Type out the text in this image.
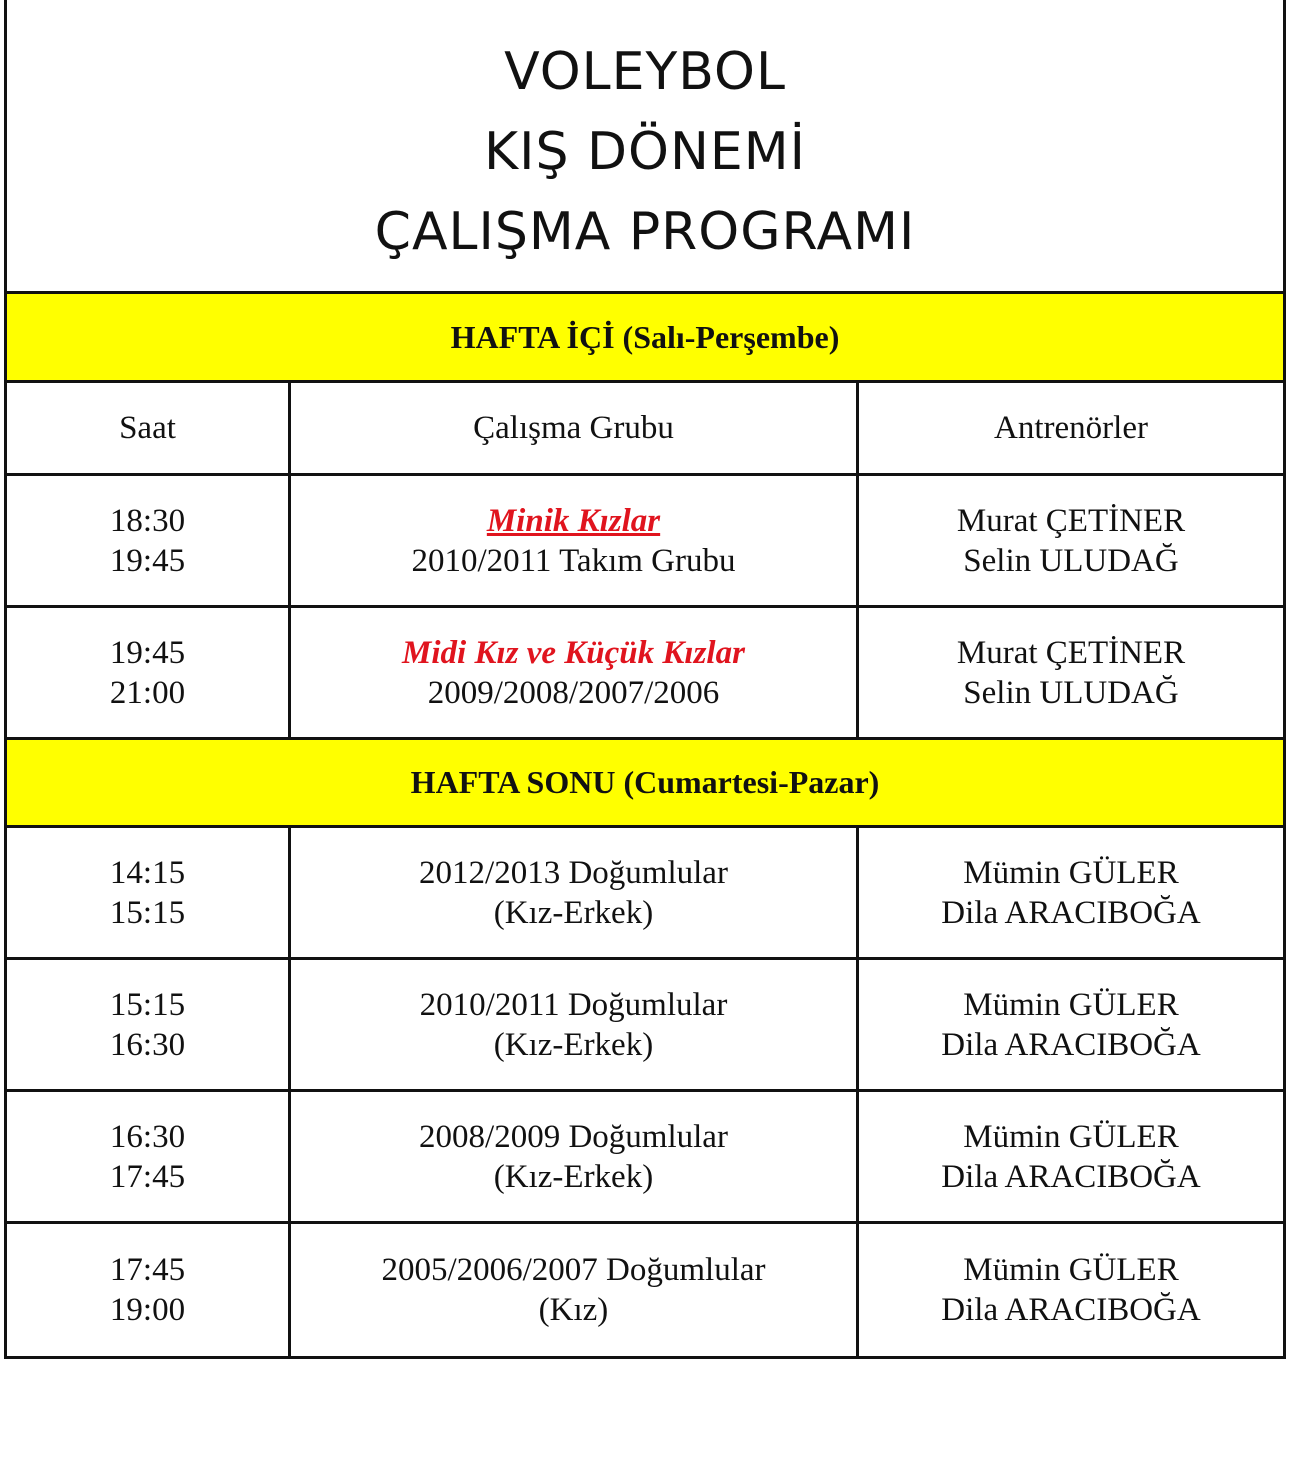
VOLEYBOL
KIŞ DÖNEMİ
ÇALIŞMA PROGRAMI
HAFTA İÇİ (Salı-Perşembe)
Saat	Çalışma Grubu	Antrenörler
18:30
19:45
Minik Kızlar
2010/2011 Takım Grubu
Murat ÇETİNER
Selin ULUDAĞ
19:45
21:00
Midi Kız ve Küçük Kızlar
2009/2008/2007/2006
Murat ÇETİNER
Selin ULUDAĞ
HAFTA SONU (Cumartesi-Pazar)
14:15
15:15
2012/2013 Doğumlular
(Kız-Erkek)
Mümin GÜLER
Dila ARACIBOĞA
15:15
16:30
2010/2011 Doğumlular
(Kız-Erkek)
Mümin GÜLER
Dila ARACIBOĞA
16:30
17:45
2008/2009 Doğumlular
(Kız-Erkek)
Mümin GÜLER
Dila ARACIBOĞA
17:45
19:00
2005/2006/2007 Doğumlular
(Kız)
Mümin GÜLER
Dila ARACIBOĞA
